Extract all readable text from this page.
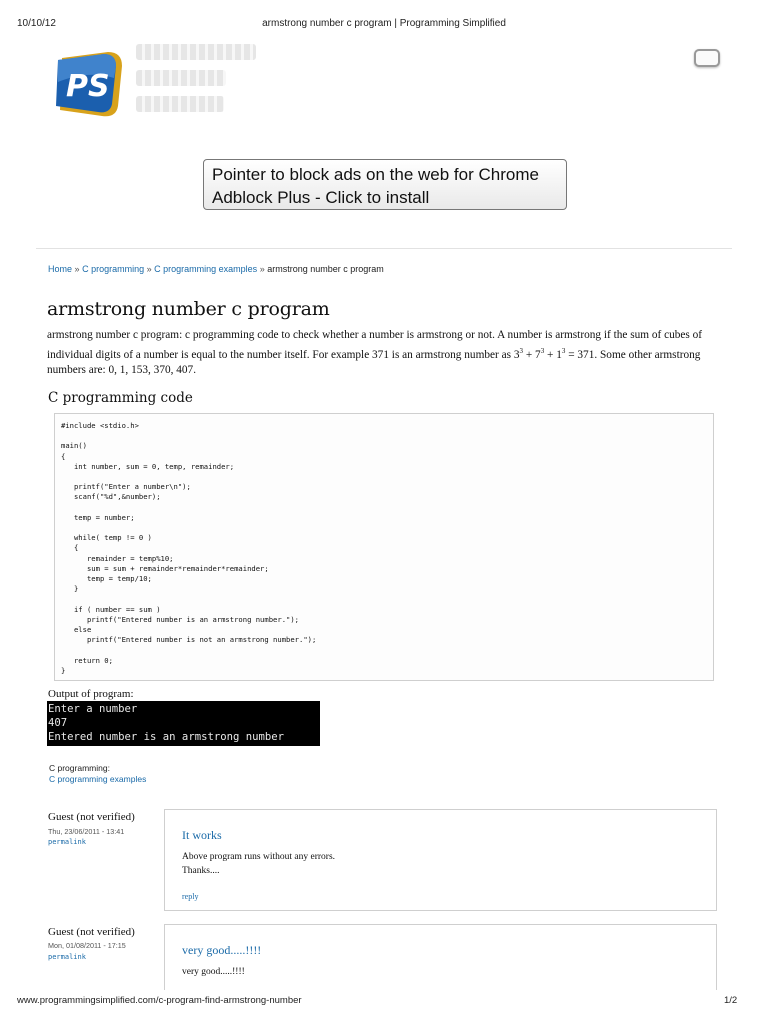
10/10/12	armstrong number c program | Programming Simplified
PS
Pointer to block ads on the web for Chrome
Adblock Plus - Click to install
Home » C programming » C programming examples » armstrong number c program
armstrong number c program

armstrong number c program: c programming code to check whether a number is armstrong or not. A number is armstrong if the sum of cubes of individual digits of a number is equal to the number itself. For example 371 is an armstrong number as $3^3 + 7^3 + 1^3 = 371$. Some other armstrong numbers are: 0, 1, 153, 370, 407.

C programming code
#include <stdio.h>

main()
{
int number, sum = 0, temp, remainder;

printf("Enter a number\n");
scanf("%d",&number);

temp = number;

while( temp != 0 )
{
remainder = temp%10;
sum = sum + remainder*remainder*remainder;
temp = temp/10;
}

if ( number == sum )
printf("Entered number is an armstrong number.");
else
printf("Entered number is not an armstrong number.");

return 0;
}
Output of program:
Enter a number
407
Entered number is an armstrong number
C programming:
C programming examples
Guest (not verified)
Thu, 23/06/2011 - 13:41
permalink	It works
Above program runs without any errors.
Thanks....
reply
Guest (not verified)
Mon, 01/08/2011 - 17:15
permalink	very good.....!!!!
very good.....!!!!
www.programmingsimplified.com/c-program-find-armstrong-number	1/2
